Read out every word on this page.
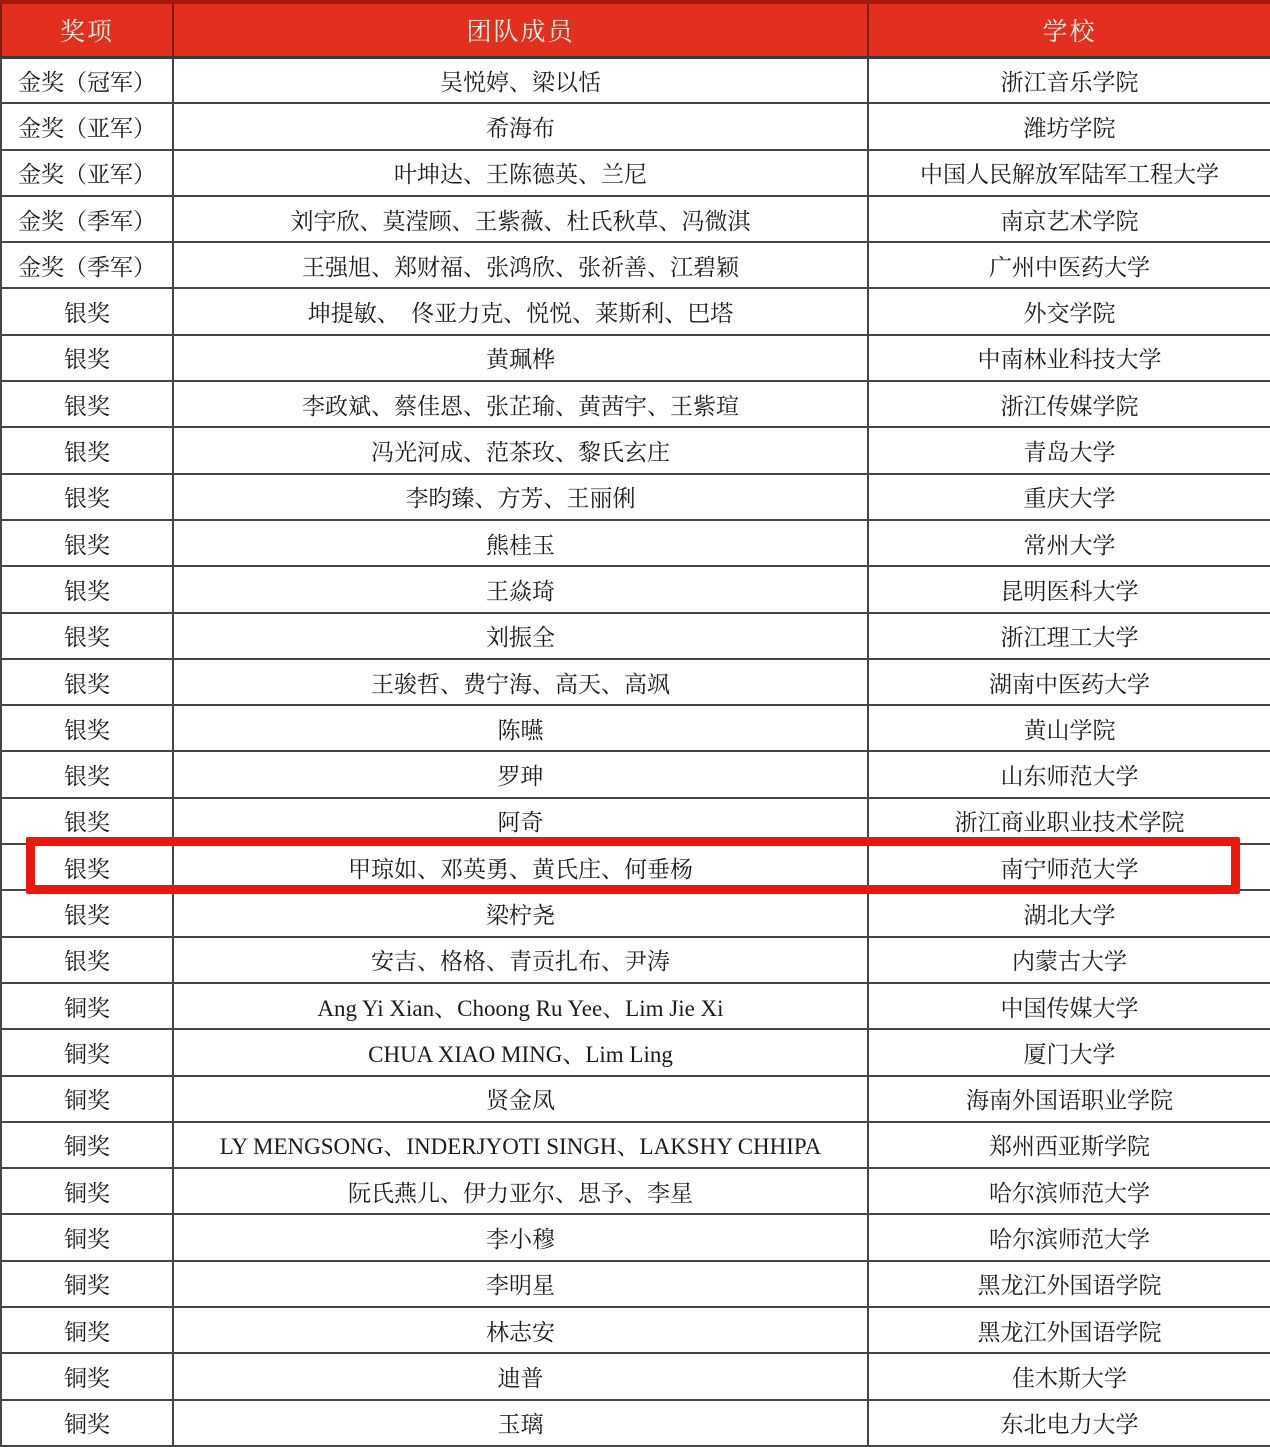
奖项	团队成员	学校
金奖（冠军）	吴悦婷、梁以恬	浙江音乐学院
金奖（亚军）	希海布	潍坊学院
金奖（亚军）	叶坤达、王陈德英、兰尼	中国人民解放军陆军工程大学
金奖（季军）	刘宇欣、莫滢顾、王紫薇、杜氏秋草、冯微淇	南京艺术学院
金奖（季军）	王强旭、郑财福、张鸿欣、张祈善、江碧颖	广州中医药大学
银奖	坤提敏、　佟亚力克、悦悦、莱斯利、巴塔	外交学院
银奖	黄珮桦	中南林业科技大学
银奖	李政斌、蔡佳恩、张芷瑜、黄茜宇、王紫瑄	浙江传媒学院
银奖	冯光河成、范茶玫、黎氏玄庄	青岛大学
银奖	李昀臻、方芳、王丽俐	重庆大学
银奖	熊桂玉	常州大学
银奖	王焱琦	昆明医科大学
银奖	刘振全	浙江理工大学
银奖	王骏哲、费宁海、高天、高飒	湖南中医药大学
银奖	陈曣	黄山学院
银奖	罗珅	山东师范大学
银奖	阿奇	浙江商业职业技术学院
银奖	甲琼如、邓英勇、黄氏庄、何垂杨	南宁师范大学
银奖	梁柠尧	湖北大学
银奖	安吉、格格、青贡扎布、尹涛	内蒙古大学
铜奖	Ang Yi Xian、Choong Ru Yee、Lim Jie Xi	中国传媒大学
铜奖	CHUA XIAO MING、Lim Ling	厦门大学
铜奖	贤金凤	海南外国语职业学院
铜奖	LY MENGSONG、INDERJYOTI SINGH、LAKSHY CHHIPA	郑州西亚斯学院
铜奖	阮氏燕儿、伊力亚尔、思予、李星	哈尔滨师范大学
铜奖	李小穆	哈尔滨师范大学
铜奖	李明星	黑龙江外国语学院
铜奖	林志安	黑龙江外国语学院
铜奖	迪普	佳木斯大学
铜奖	玉璃	东北电力大学
